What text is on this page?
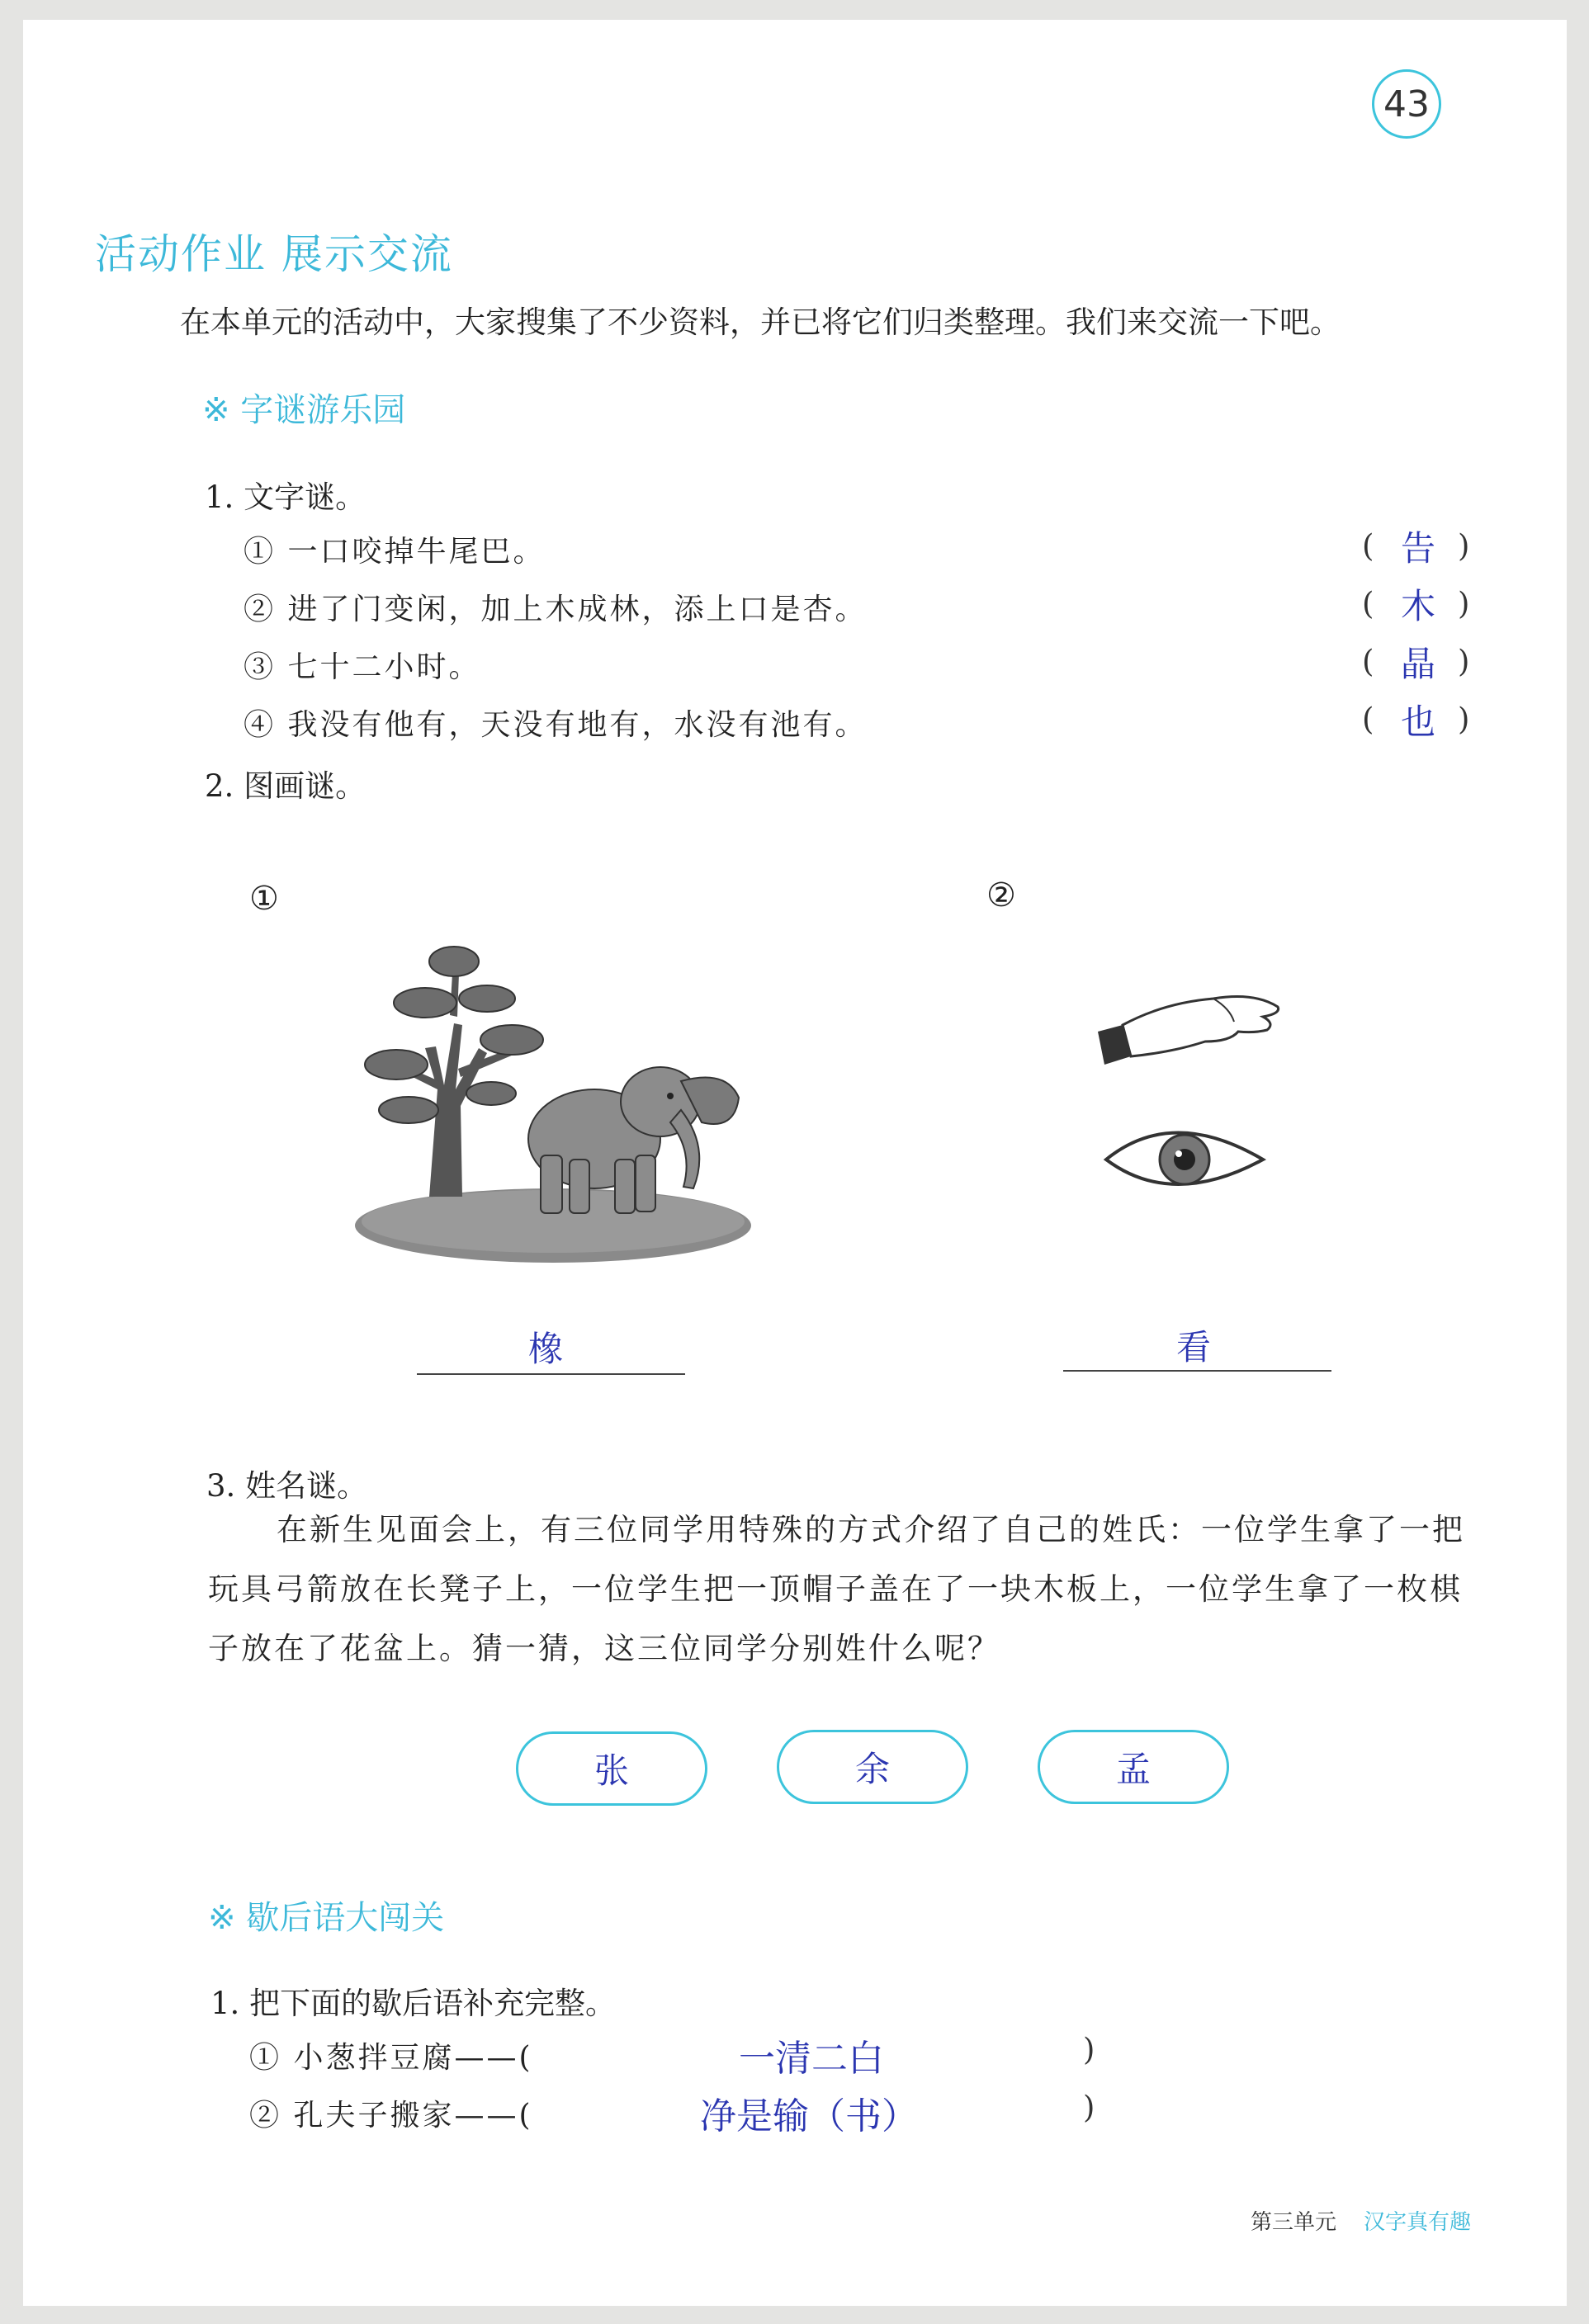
43
活动作业 展示交流
在本单元的活动中，大家搜集了不少资料，并已将它们归类整理。我们来交流一下吧。
※ 字谜游乐园
1. 文字谜。
① 一口咬掉牛尾巴。	( 告 )
② 进了门变闲，加上木成林，添上口是杏。	( 木 )
③ 七十二小时。	( 晶 )
④ 我没有他有，天没有地有，水没有池有。	( 也 )
2. 图画谜。
①	②
橡	看
3. 姓名谜。
在新生见面会上，有三位同学用特殊的方式介绍了自己的姓氏：一位学生拿了一把
玩具弓箭放在长凳子上，一位学生把一顶帽子盖在了一块木板上，一位学生拿了一枚棋
子放在了花盆上。猜一猜，这三位同学分别姓什么呢？
张	余	孟
※ 歇后语大闯关
1. 把下面的歇后语补充完整。
① 小葱拌豆腐——(	一清二白	)
② 孔夫子搬家——(	净是输（书）	)
第三单元 汉字真有趣
